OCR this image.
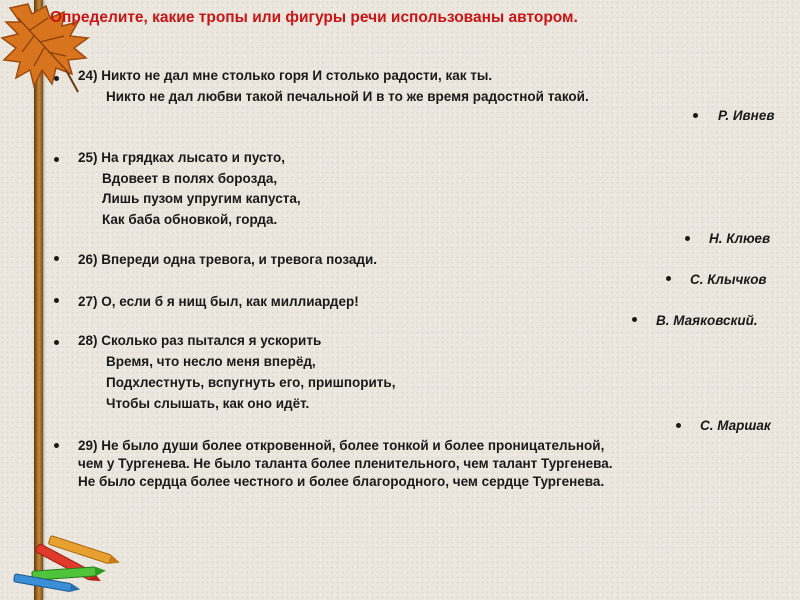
Определите, какие тропы или фигуры речи использованы автором.
24) Никто не дал мне столько горя И столько радости, как ты.
Никто не дал любви такой печальной И в то же время радостной такой.
Р. Ивнев
25) На грядках лысато и пусто,
Вдовеет в полях борозда,
Лишь пузом упругим капуста,
Как баба обновкой, горда.
Н. Клюев
26) Впереди одна тревога, и тревога позади.
С. Клычков
27) О, если б я нищ был, как миллиардер!
В. Маяковский.
28) Сколько раз пытался я ускорить
Время, что несло меня вперёд,
Подхлестнуть, вспугнуть его, пришпорить,
Чтобы слышать, как оно идёт.
С. Маршак
29) Не было души более откровенной, более тонкой и более проницательной,
чем у Тургенева. Не было таланта более пленительного, чем талант Тургенева.
Не было сердца более честного и более благородного, чем сердце Тургенева.
